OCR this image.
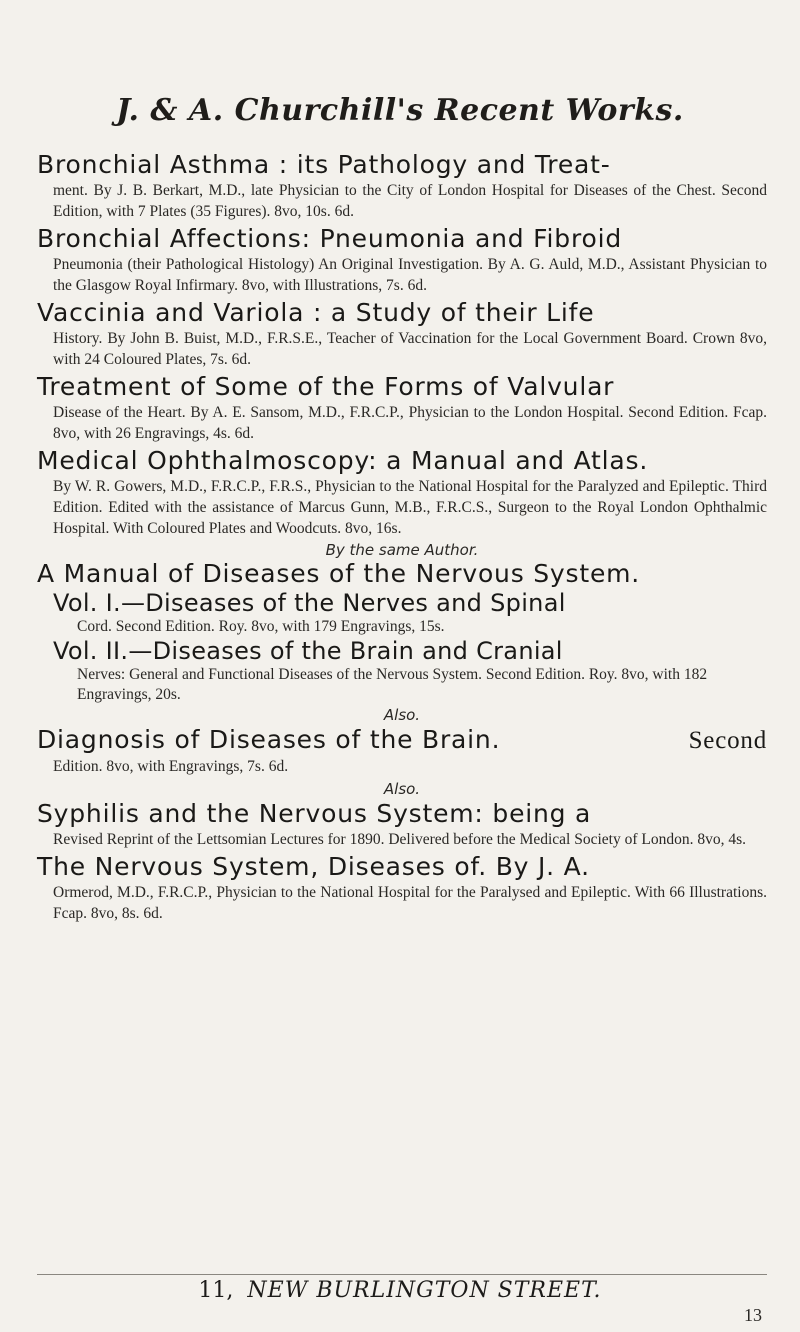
J. & A. Churchill's Recent Works.
Bronchial Asthma : its Pathology and Treat-

ment. By J. B. Berkart, M.D., late Physician to the City of London Hospital for Diseases of the Chest. Second Edition, with 7 Plates (35 Figures). 8vo, 10s. 6d.

Bronchial Affections: Pneumonia and Fibroid

Pneumonia (their Pathological Histology) An Original Investigation. By A. G. Auld, M.D., Assistant Physician to the Glasgow Royal Infirmary. 8vo, with Illustrations, 7s. 6d.

Vaccinia and Variola : a Study of their Life

History. By John B. Buist, M.D., F.R.S.E., Teacher of Vaccination for the Local Government Board. Crown 8vo, with 24 Coloured Plates, 7s. 6d.

Treatment of Some of the Forms of Valvular

Disease of the Heart. By A. E. Sansom, M.D., F.R.C.P., Physician to the London Hospital. Second Edition. Fcap. 8vo, with 26 Engravings, 4s. 6d.

Medical Ophthalmoscopy: a Manual and Atlas.

By W. R. Gowers, M.D., F.R.C.P., F.R.S., Physician to the National Hospital for the Paralyzed and Epileptic. Third Edition. Edited with the assistance of Marcus Gunn, M.B., F.R.C.S., Surgeon to the Royal London Ophthalmic Hospital. With Coloured Plates and Woodcuts. 8vo, 16s.

By the same Author.

A Manual of Diseases of the Nervous System.
Vol. I.—Diseases of the Nerves and Spinal

Cord. Second Edition. Roy. 8vo, with 179 Engravings, 15s.

Vol. II.—Diseases of the Brain and Cranial

Nerves: General and Functional Diseases of the Nervous System. Second Edition. Roy. 8vo, with 182 Engravings, 20s.

Also.

Diagnosis of Diseases of the Brain.	Second

Edition. 8vo, with Engravings, 7s. 6d.

Also.

Syphilis and the Nervous System: being a

Revised Reprint of the Lettsomian Lectures for 1890. Delivered before the Medical Society of London. 8vo, 4s.

The Nervous System, Diseases of. By J. A.

Ormerod, M.D., F.R.C.P., Physician to the National Hospital for the Paralysed and Epileptic. With 66 Illustrations. Fcap. 8vo, 8s. 6d.

11, NEW BURLINGTON STREET.
13
